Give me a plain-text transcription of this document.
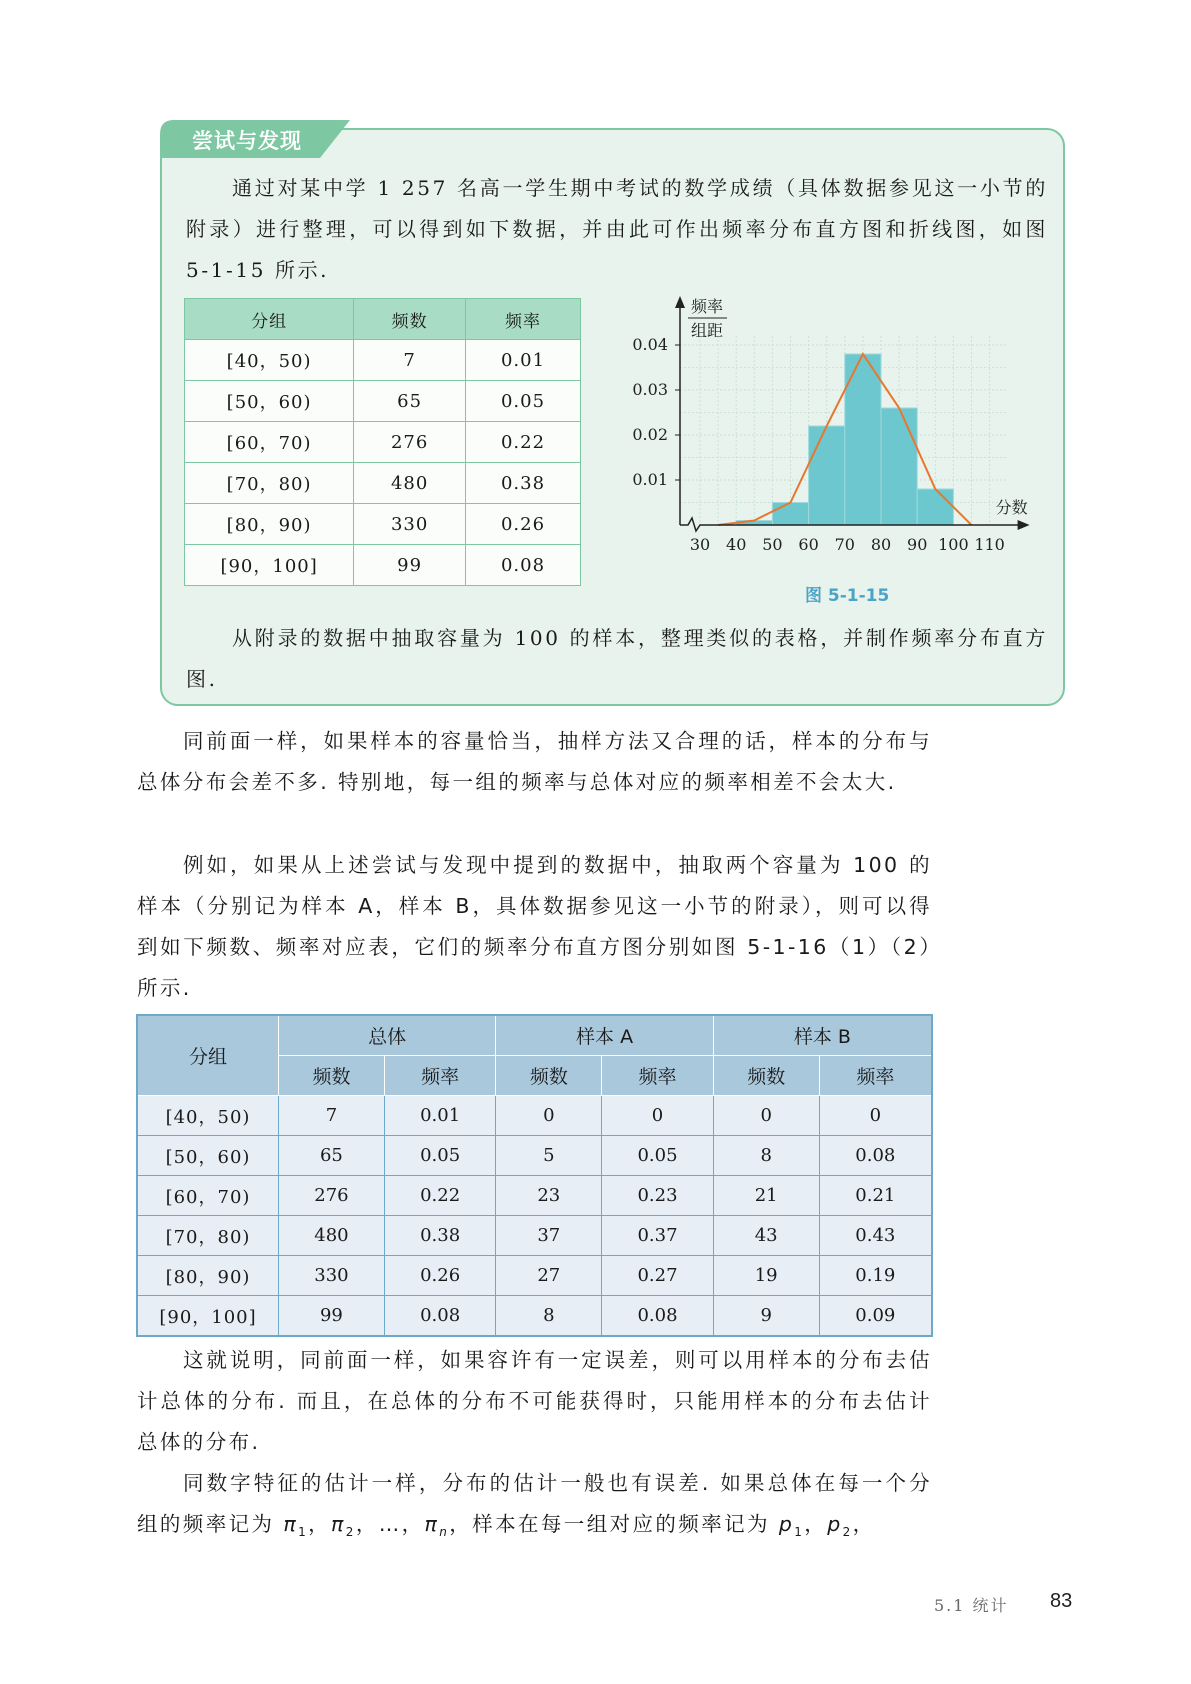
尝试与发现

通过对某中学 1 257 名高一学生期中考试的数学成绩（具体数据参见这一小节的附录）进行整理，可以得到如下数据，并由此可作出频率分布直方图和折线图，如图 5-1-15 所示.

分组	频数	频率
[40，50)	7	0.01
[50，60)	65	0.05
[60，70)	276	0.22
[70，80)	480	0.38
[80，90)	330	0.26
[90，100]	99	0.08
0.01
0.02
0.03
0.04
30 40 50 60 70 80 90 100 110
频率
组距
分数
图 5-1-15

从附录的数据中抽取容量为 100 的样本，整理类似的表格，并制作频率分布直方图.

同前面一样，如果样本的容量恰当，抽样方法又合理的话，样本的分布与总体分布会差不多. 特别地，每一组的频率与总体对应的频率相差不会太大.

例如，如果从上述尝试与发现中提到的数据中，抽取两个容量为 100 的样本（分别记为样本 A，样本 B，具体数据参见这一小节的附录），则可以得到如下频数、频率对应表，它们的频率分布直方图分别如图 5-1-16（1）（2）所示.

分组	总体		样本 A		样本 B	
	频数	频率	频数	频率	频数	频率
[40，50)	7	0.01	0	0	0	0
[50，60)	65	0.05	5	0.05	8	0.08
[60，70)	276	0.22	23	0.23	21	0.21
[70，80)	480	0.38	37	0.37	43	0.43
[80，90)	330	0.26	27	0.27	19	0.19
[90，100]	99	0.08	8	0.08	9	0.09

这就说明，同前面一样，如果容许有一定误差，则可以用样本的分布去估计总体的分布. 而且，在总体的分布不可能获得时，只能用样本的分布去估计总体的分布.

同数字特征的估计一样，分布的估计一般也有误差. 如果总体在每一个分组的频率记为 $\pi_1$，$\pi_2$，…，$\pi_n$，样本在每一组对应的频率记为 $p_1$，$p_2$，

5.1 统计 83
